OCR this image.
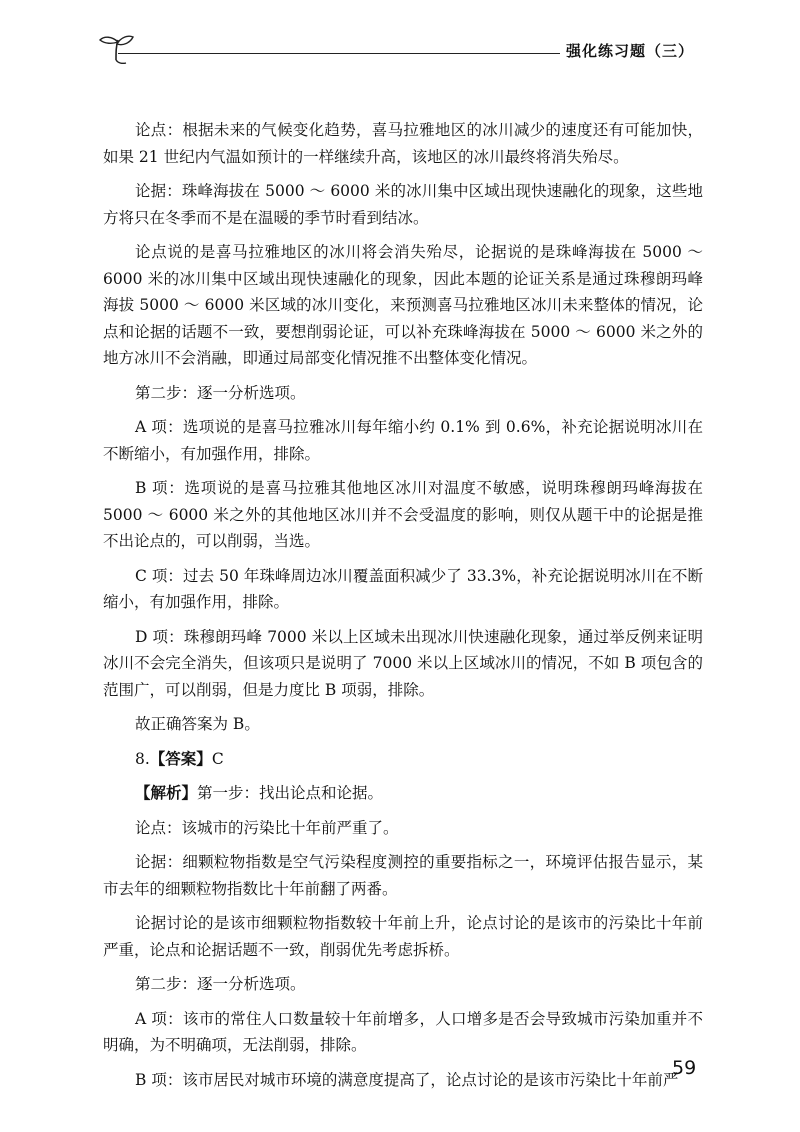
强化练习题（三）

论点：根据未来的气候变化趋势，喜马拉雅地区的冰川减少的速度还有可能加快，如果 21 世纪内气温如预计的一样继续升高，该地区的冰川最终将消失殆尽。

论据：珠峰海拔在 5000 ～ 6000 米的冰川集中区域出现快速融化的现象，这些地方将只在冬季而不是在温暖的季节时看到结冰。

论点说的是喜马拉雅地区的冰川将会消失殆尽，论据说的是珠峰海拔在 5000 ～ 6000 米的冰川集中区域出现快速融化的现象，因此本题的论证关系是通过珠穆朗玛峰海拔 5000 ～ 6000 米区域的冰川变化，来预测喜马拉雅地区冰川未来整体的情况，论点和论据的话题不一致，要想削弱论证，可以补充珠峰海拔在 5000 ～ 6000 米之外的地方冰川不会消融，即通过局部变化情况推不出整体变化情况。

第二步：逐一分析选项。

A 项：选项说的是喜马拉雅冰川每年缩小约 0.1% 到 0.6%，补充论据说明冰川在不断缩小，有加强作用，排除。

B 项：选项说的是喜马拉雅其他地区冰川对温度不敏感，说明珠穆朗玛峰海拔在 5000 ～ 6000 米之外的其他地区冰川并不会受温度的影响，则仅从题干中的论据是推不出论点的，可以削弱，当选。

C 项：过去 50 年珠峰周边冰川覆盖面积减少了 33.3%，补充论据说明冰川在不断缩小，有加强作用，排除。

D 项：珠穆朗玛峰 7000 米以上区域未出现冰川快速融化现象，通过举反例来证明冰川不会完全消失，但该项只是说明了 7000 米以上区域冰川的情况，不如 B 项包含的范围广，可以削弱，但是力度比 B 项弱，排除。

故正确答案为 B。

8.【答案】C

【解析】第一步：找出论点和论据。

论点：该城市的污染比十年前严重了。

论据：细颗粒物指数是空气污染程度测控的重要指标之一，环境评估报告显示，某市去年的细颗粒物指数比十年前翻了两番。

论据讨论的是该市细颗粒物指数较十年前上升，论点讨论的是该市的污染比十年前严重，论点和论据话题不一致，削弱优先考虑拆桥。

第二步：逐一分析选项。

A 项：该市的常住人口数量较十年前增多，人口增多是否会导致城市污染加重并不明确，为不明确项，无法削弱，排除。

B 项：该市居民对城市环境的满意度提高了，论点讨论的是该市污染比十年前严

59
